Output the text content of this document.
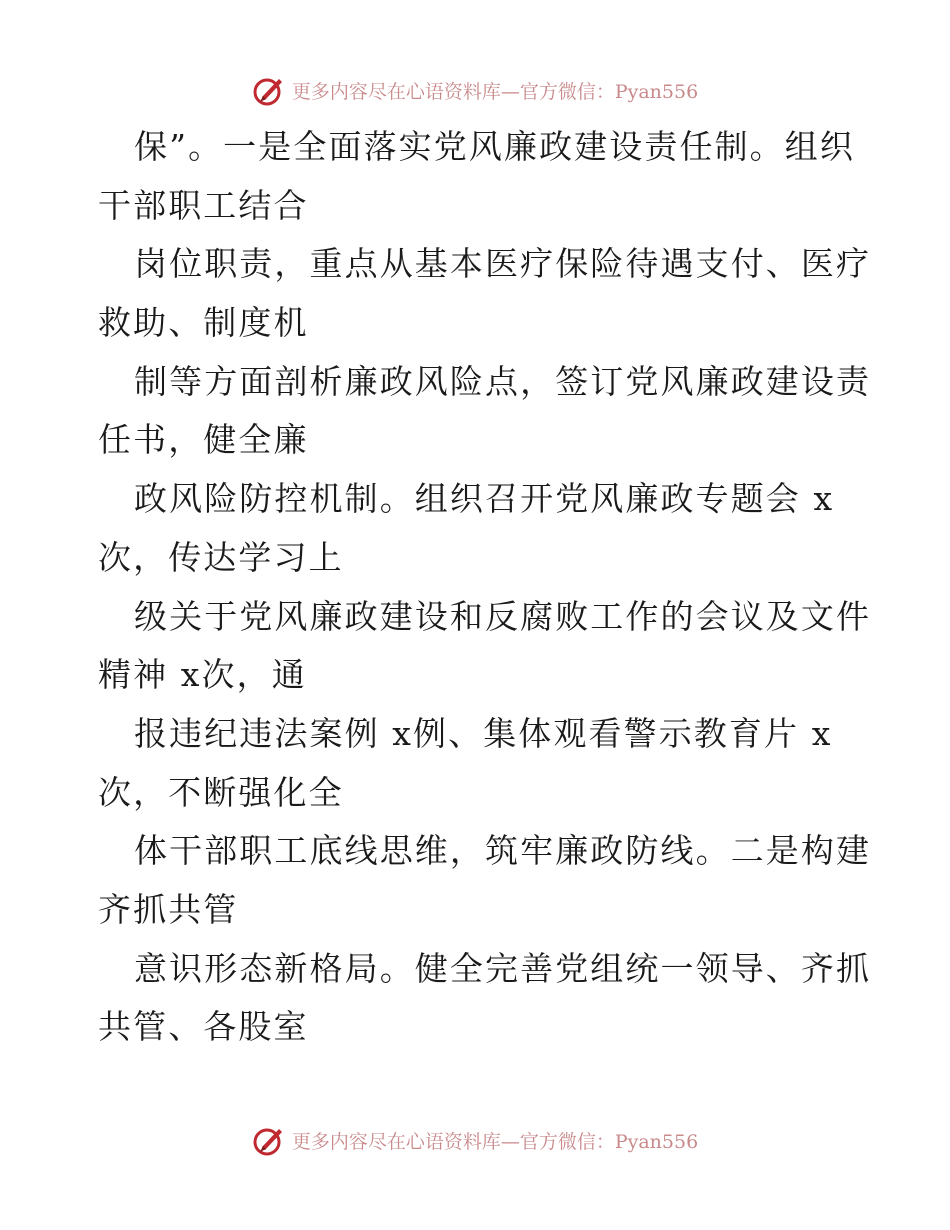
更多内容尽在心语资料库—官方微信：Pyan556
保”。一是全面落实党风廉政建设责任制。组织
干部职工结合
岗位职责，重点从基本医疗保险待遇支付、医疗
救助、制度机
制等方面剖析廉政风险点，签订党风廉政建设责
任书，健全廉
政风险防控机制。组织召开党风廉政专题会 x
次，传达学习上
级关于党风廉政建设和反腐败工作的会议及文件
精神 x次，通
报违纪违法案例 x例、集体观看警示教育片 x
次，不断强化全
体干部职工底线思维，筑牢廉政防线。二是构建
齐抓共管
意识形态新格局。健全完善党组统一领导、齐抓
共管、各股室
更多内容尽在心语资料库—官方微信：Pyan556
